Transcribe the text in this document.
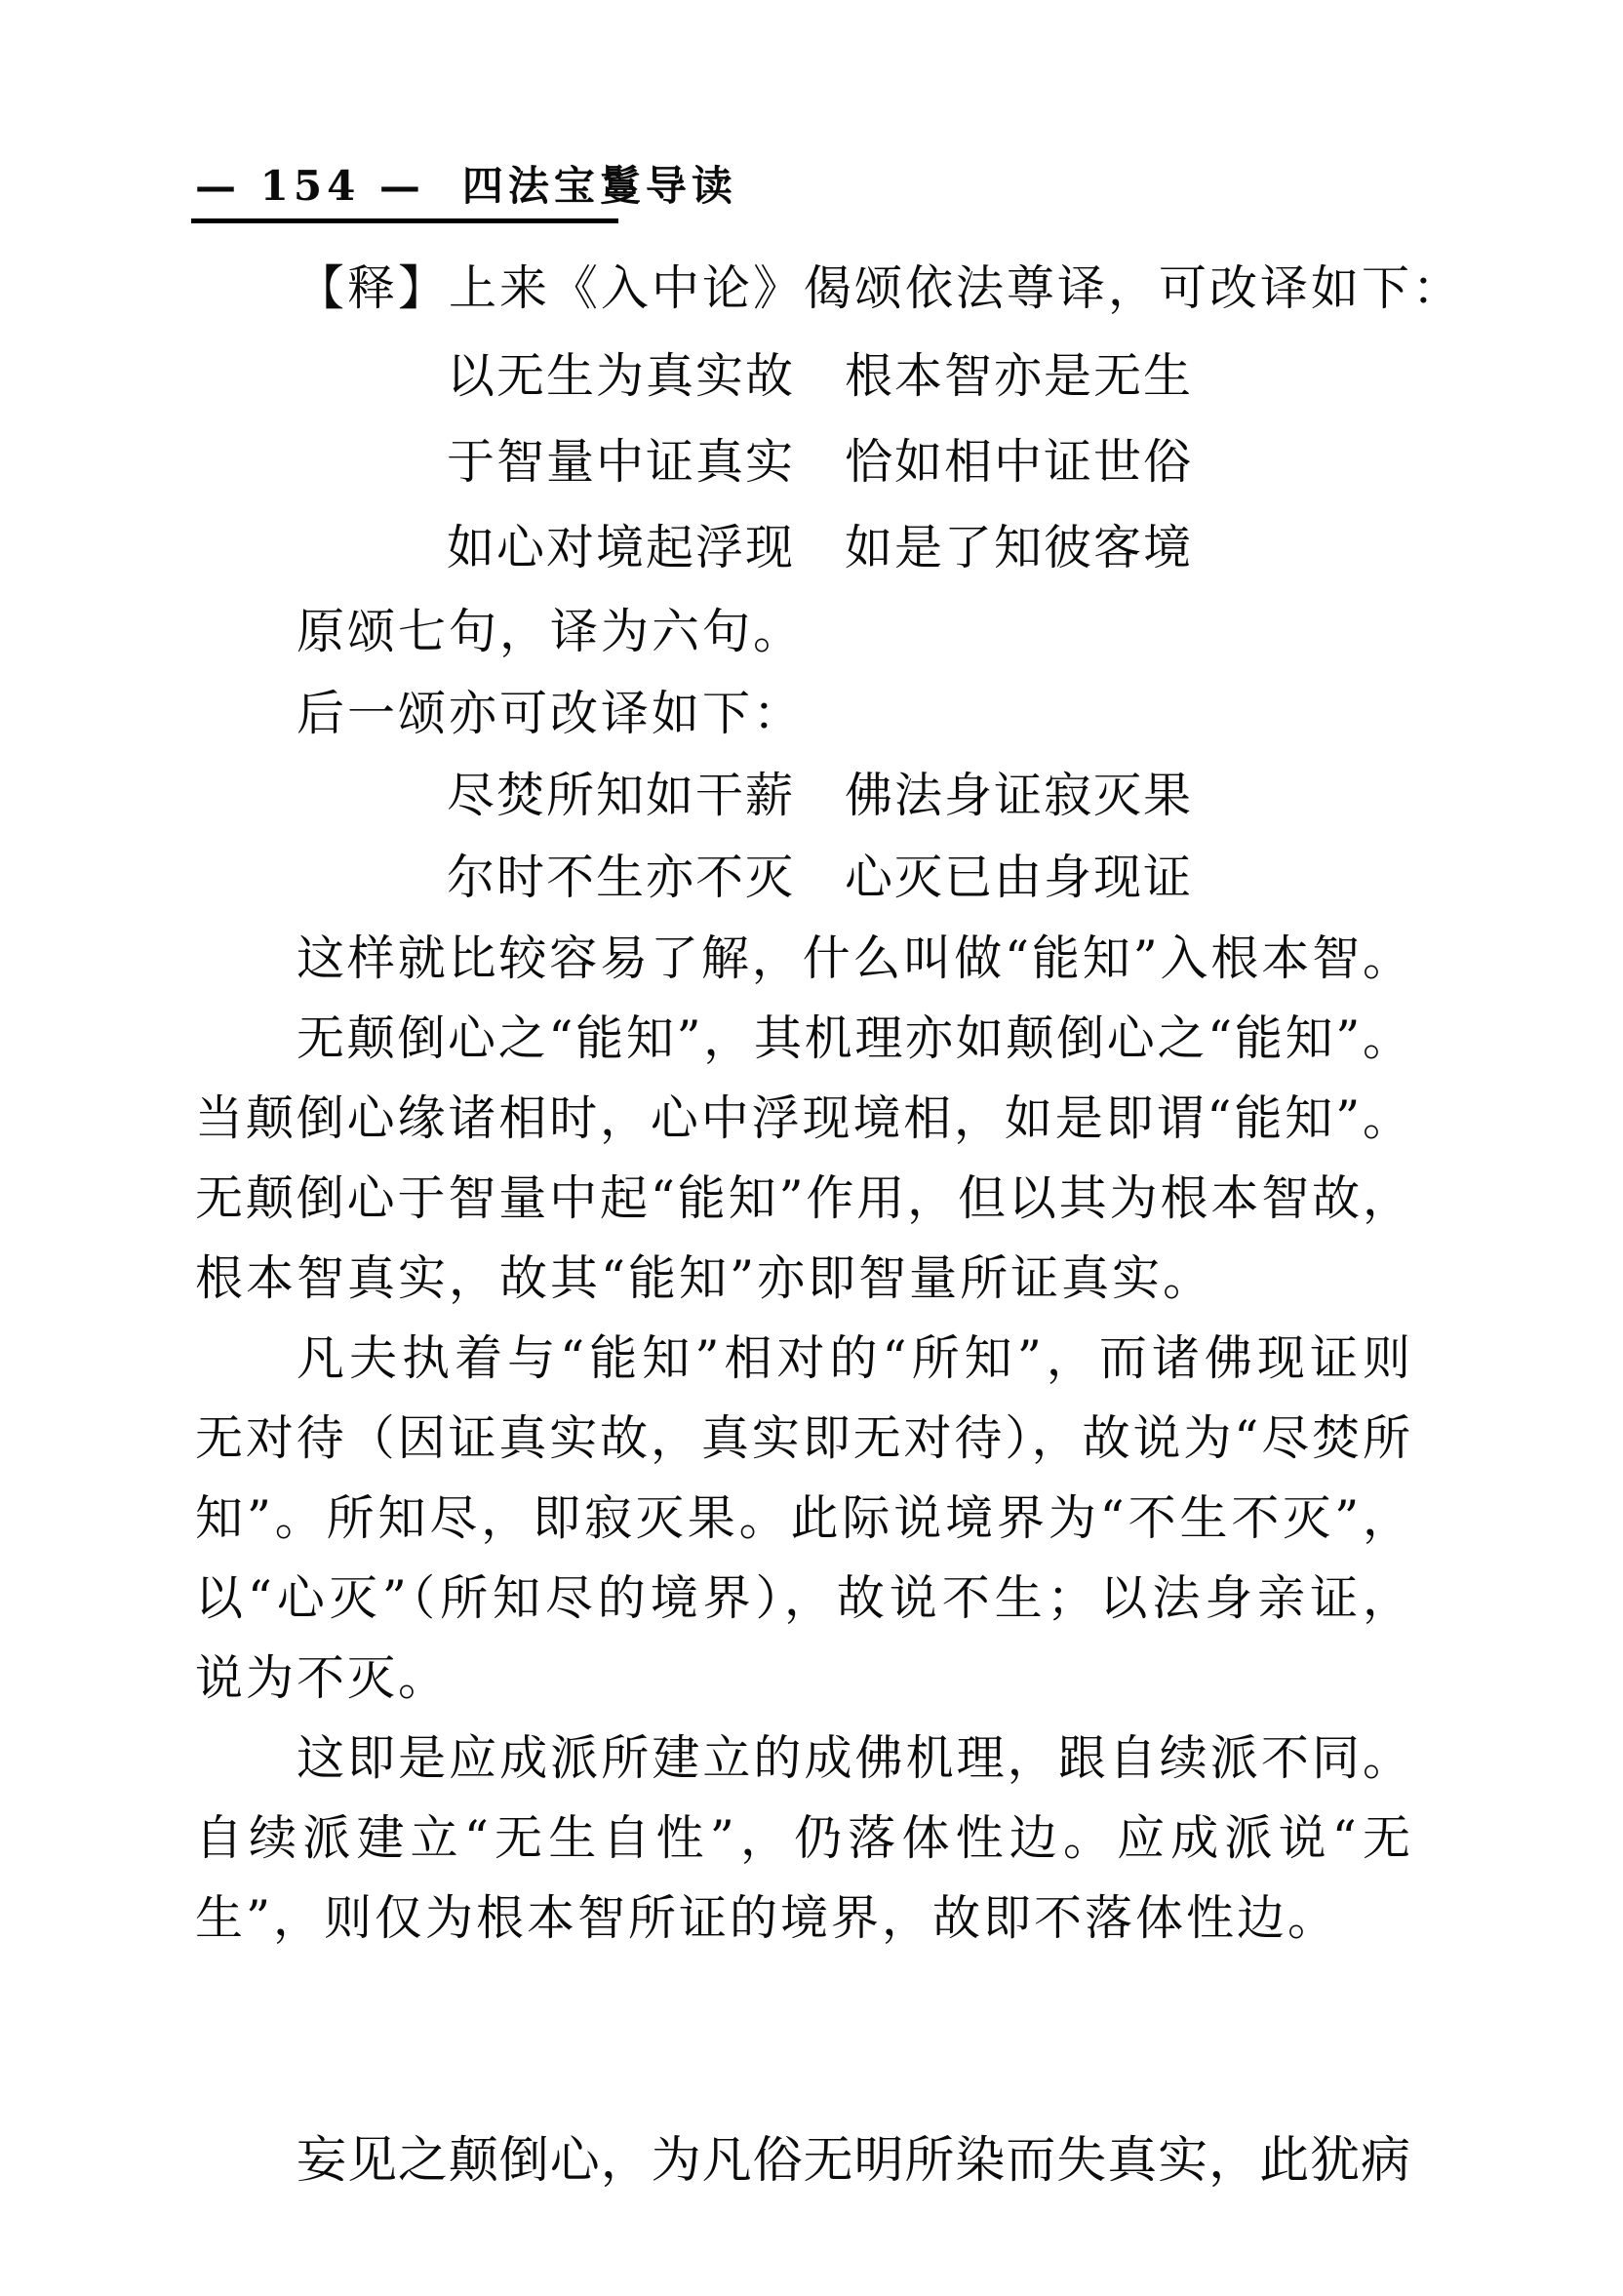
— 154 — 四法宝鬘导读
【释】上来《入中论》偈颂依法尊译，可改译如下：
以无生为真实故　根本智亦是无生
于智量中证真实　恰如相中证世俗
如心对境起浮现　如是了知彼客境
原颂七句，译为六句。
后一颂亦可改译如下：
尽焚所知如干薪　佛法身证寂灭果
尔时不生亦不灭　心灭已由身现证
这样就比较容易了解，什么叫做“能知”入根本智。
无颠倒心之“能知”，其机理亦如颠倒心之“能知”。
当颠倒心缘诸相时，心中浮现境相，如是即谓“能知”。
无颠倒心于智量中起“能知”作用，但以其为根本智故，
根本智真实，故其“能知”亦即智量所证真实。
凡夫执着与“能知”相对的“所知”，而诸佛现证则
无对待（因证真实故，真实即无对待），故说为“尽焚所
知”。所知尽，即寂灭果。此际说境界为“不生不灭”，
以“心灭”（所知尽的境界），故说不生；以法身亲证，
说为不灭。
这即是应成派所建立的成佛机理，跟自续派不同。
自续派建立“无生自性”，仍落体性边。应成派说“无
生”，则仅为根本智所证的境界，故即不落体性边。
妄见之颠倒心，为凡俗无明所染而失真实，此犹病
